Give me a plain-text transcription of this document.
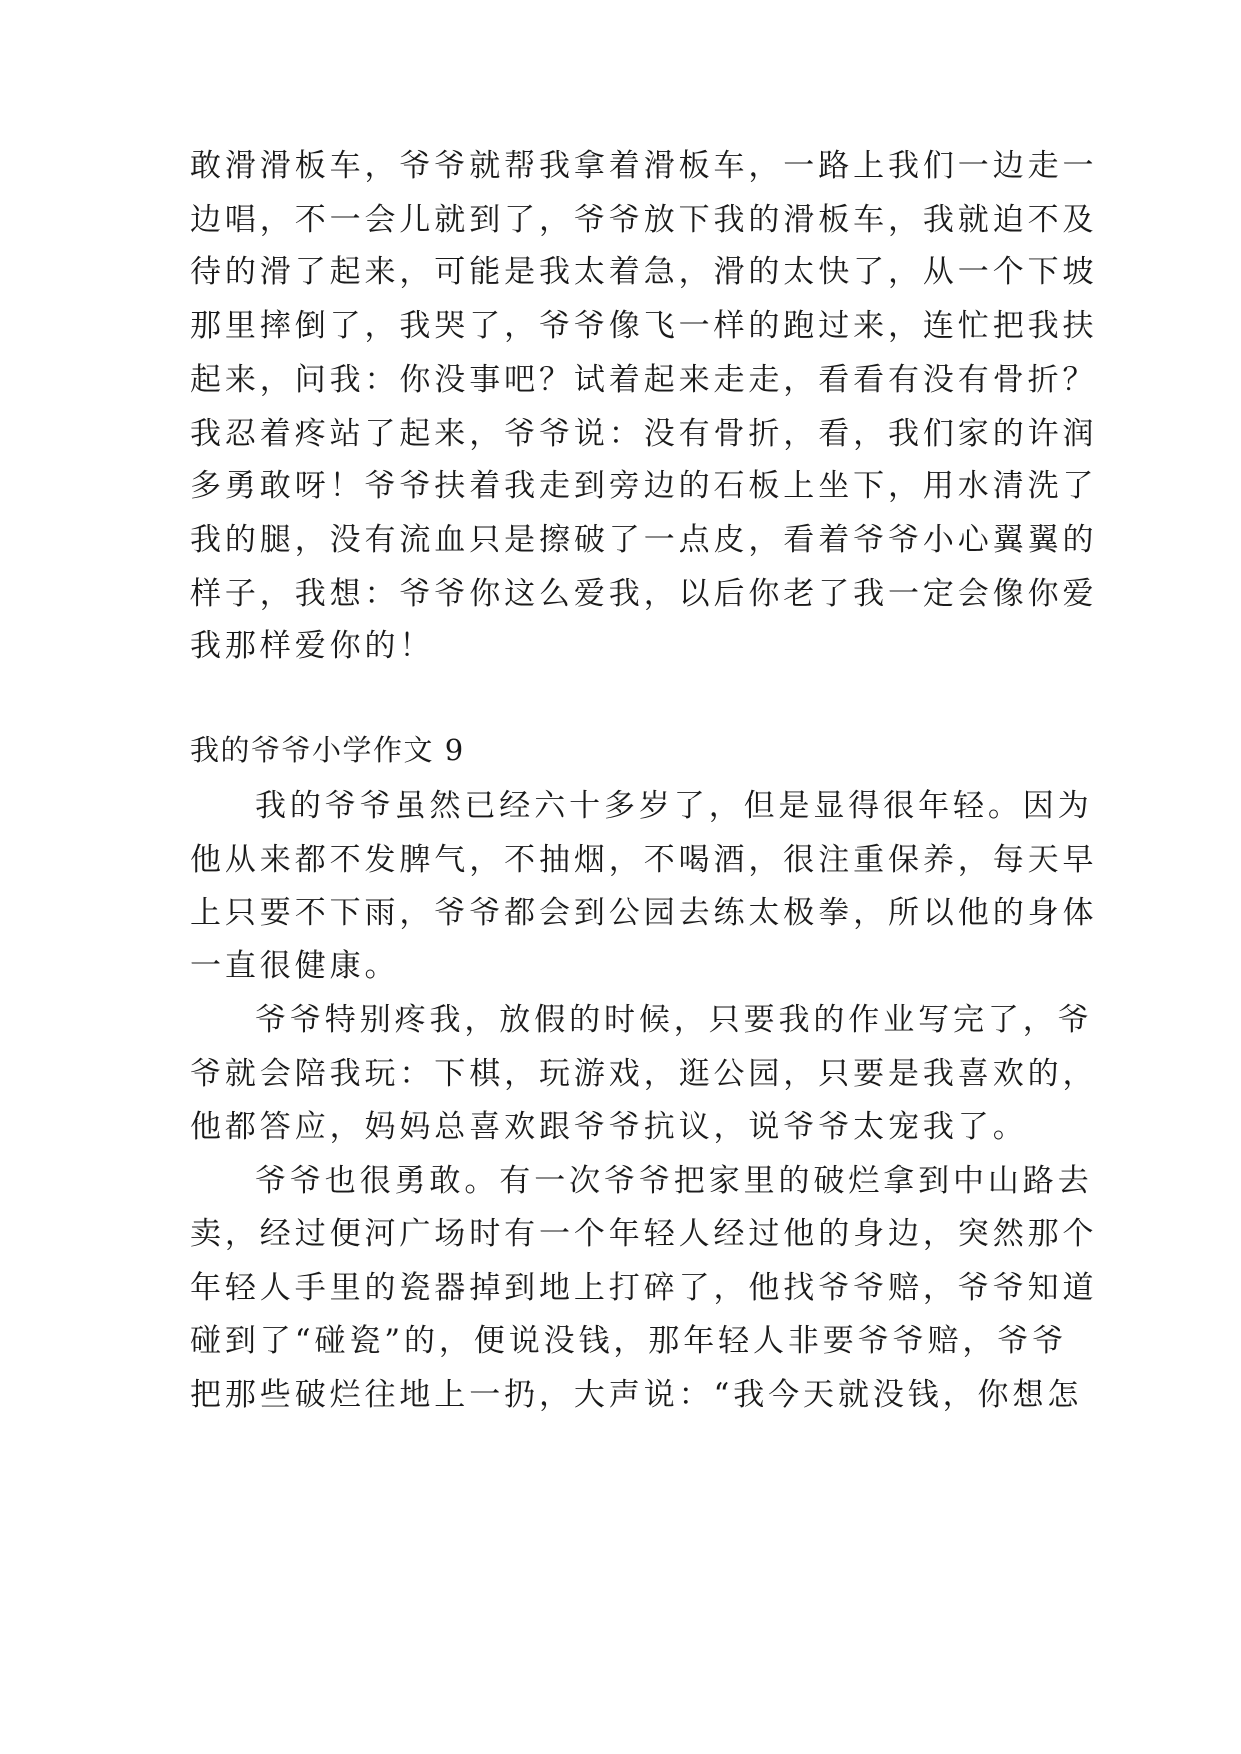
敢滑滑板车，爷爷就帮我拿着滑板车，一路上我们一边走一
边唱，不一会儿就到了，爷爷放下我的滑板车，我就迫不及
待的滑了起来，可能是我太着急，滑的太快了，从一个下坡
那里摔倒了，我哭了，爷爷像飞一样的跑过来，连忙把我扶
起来，问我：你没事吧？试着起来走走，看看有没有骨折？
我忍着疼站了起来，爷爷说：没有骨折，看，我们家的许润
多勇敢呀！爷爷扶着我走到旁边的石板上坐下，用水清洗了
我的腿，没有流血只是擦破了一点皮，看着爷爷小心翼翼的
样子，我想：爷爷你这么爱我，以后你老了我一定会像你爱
我那样爱你的！
我的爷爷小学作文 9
我的爷爷虽然已经六十多岁了，但是显得很年轻。因为
他从来都不发脾气，不抽烟，不喝酒，很注重保养，每天早
上只要不下雨，爷爷都会到公园去练太极拳，所以他的身体
一直很健康。
爷爷特别疼我，放假的时候，只要我的作业写完了，爷
爷就会陪我玩：下棋，玩游戏，逛公园，只要是我喜欢的，
他都答应，妈妈总喜欢跟爷爷抗议，说爷爷太宠我了。
爷爷也很勇敢。有一次爷爷把家里的破烂拿到中山路去
卖，经过便河广场时有一个年轻人经过他的身边，突然那个
年轻人手里的瓷器掉到地上打碎了，他找爷爷赔，爷爷知道
碰到了“碰瓷”的，便说没钱，那年轻人非要爷爷赔，爷爷
把那些破烂往地上一扔，大声说：“我今天就没钱，你想怎
